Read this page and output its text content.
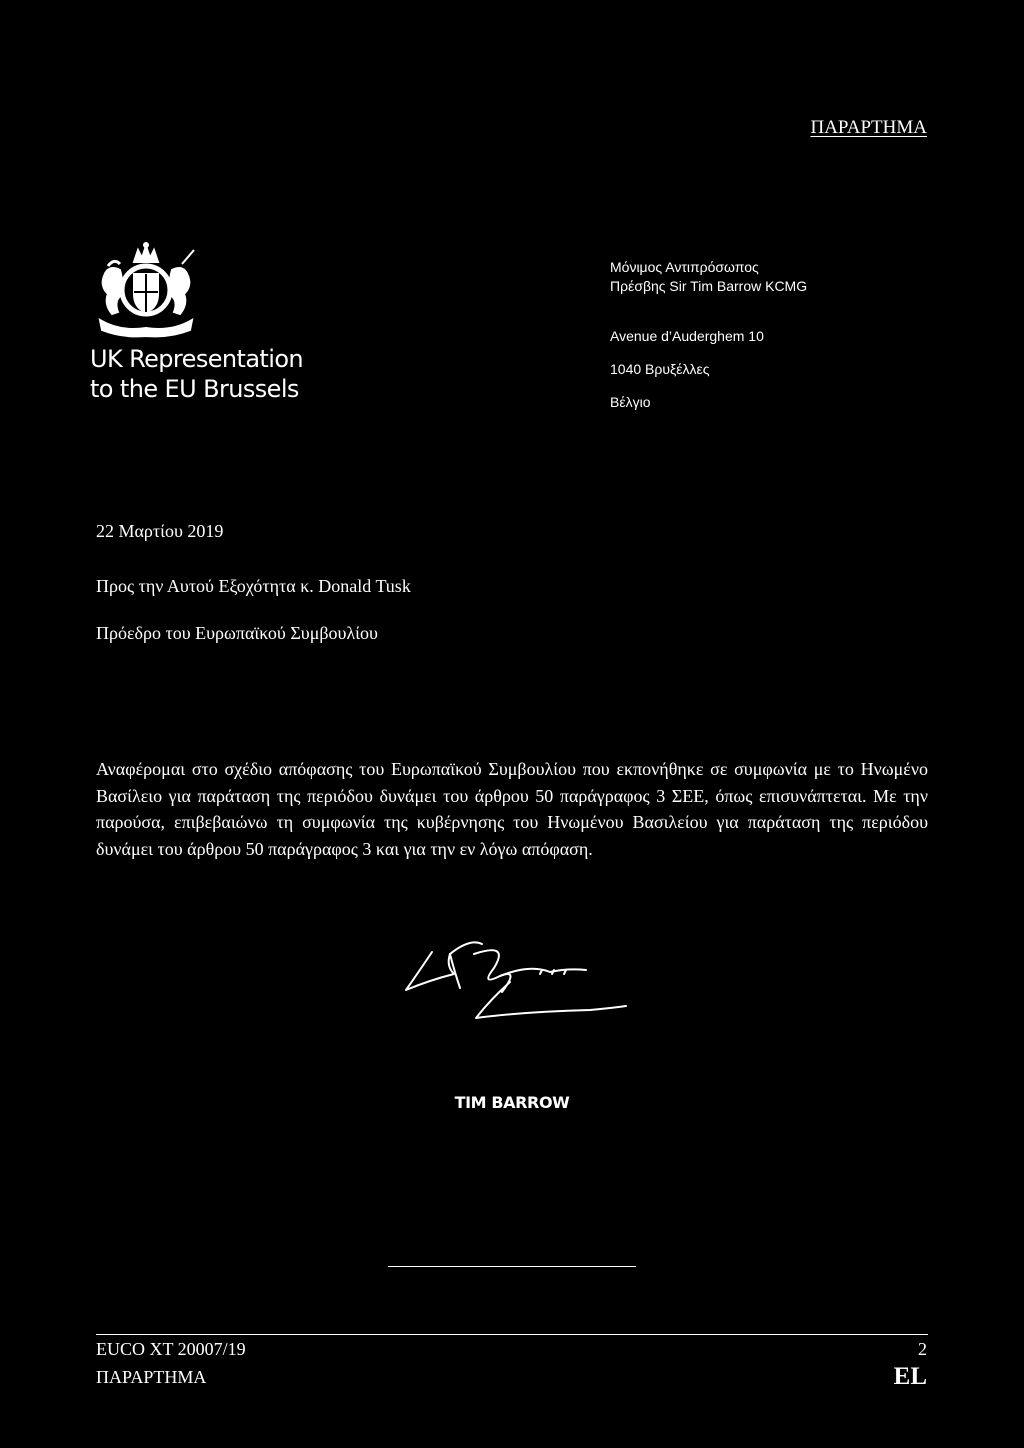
ΠΑΡΑΡΤΗΜΑ
UK Representation
to the EU Brussels
Μόνιμος Αντιπρόσωπος
Πρέσβης Sir Tim Barrow KCMG
Avenue d’Auderghem 10
1040 Βρυξέλλες
Βέλγιο
22 Μαρτίου 2019
Προς την Αυτού Εξοχότητα κ. Donald Tusk
Πρόεδρο του Ευρωπαϊκού Συμβουλίου
Αναφέρομαι στο σχέδιο απόφασης του Ευρωπαϊκού Συμβουλίου που εκπονήθηκε σε συμφωνία με το Ηνωμένο Βασίλειο για παράταση της περιόδου δυνάμει του άρθρου 50 παράγραφος 3 ΣΕΕ, όπως επισυνάπτεται. Με την παρούσα, επιβεβαιώνω τη συμφωνία της κυβέρνησης του Ηνωμένου Βασιλείου για παράταση της περιόδου δυνάμει του άρθρου 50 παράγραφος 3 και για την εν λόγω απόφαση.
TIM BARROW
EUCO XT 20007/19
ΠΑΡΑΡΤΗΜΑ
2
EL
